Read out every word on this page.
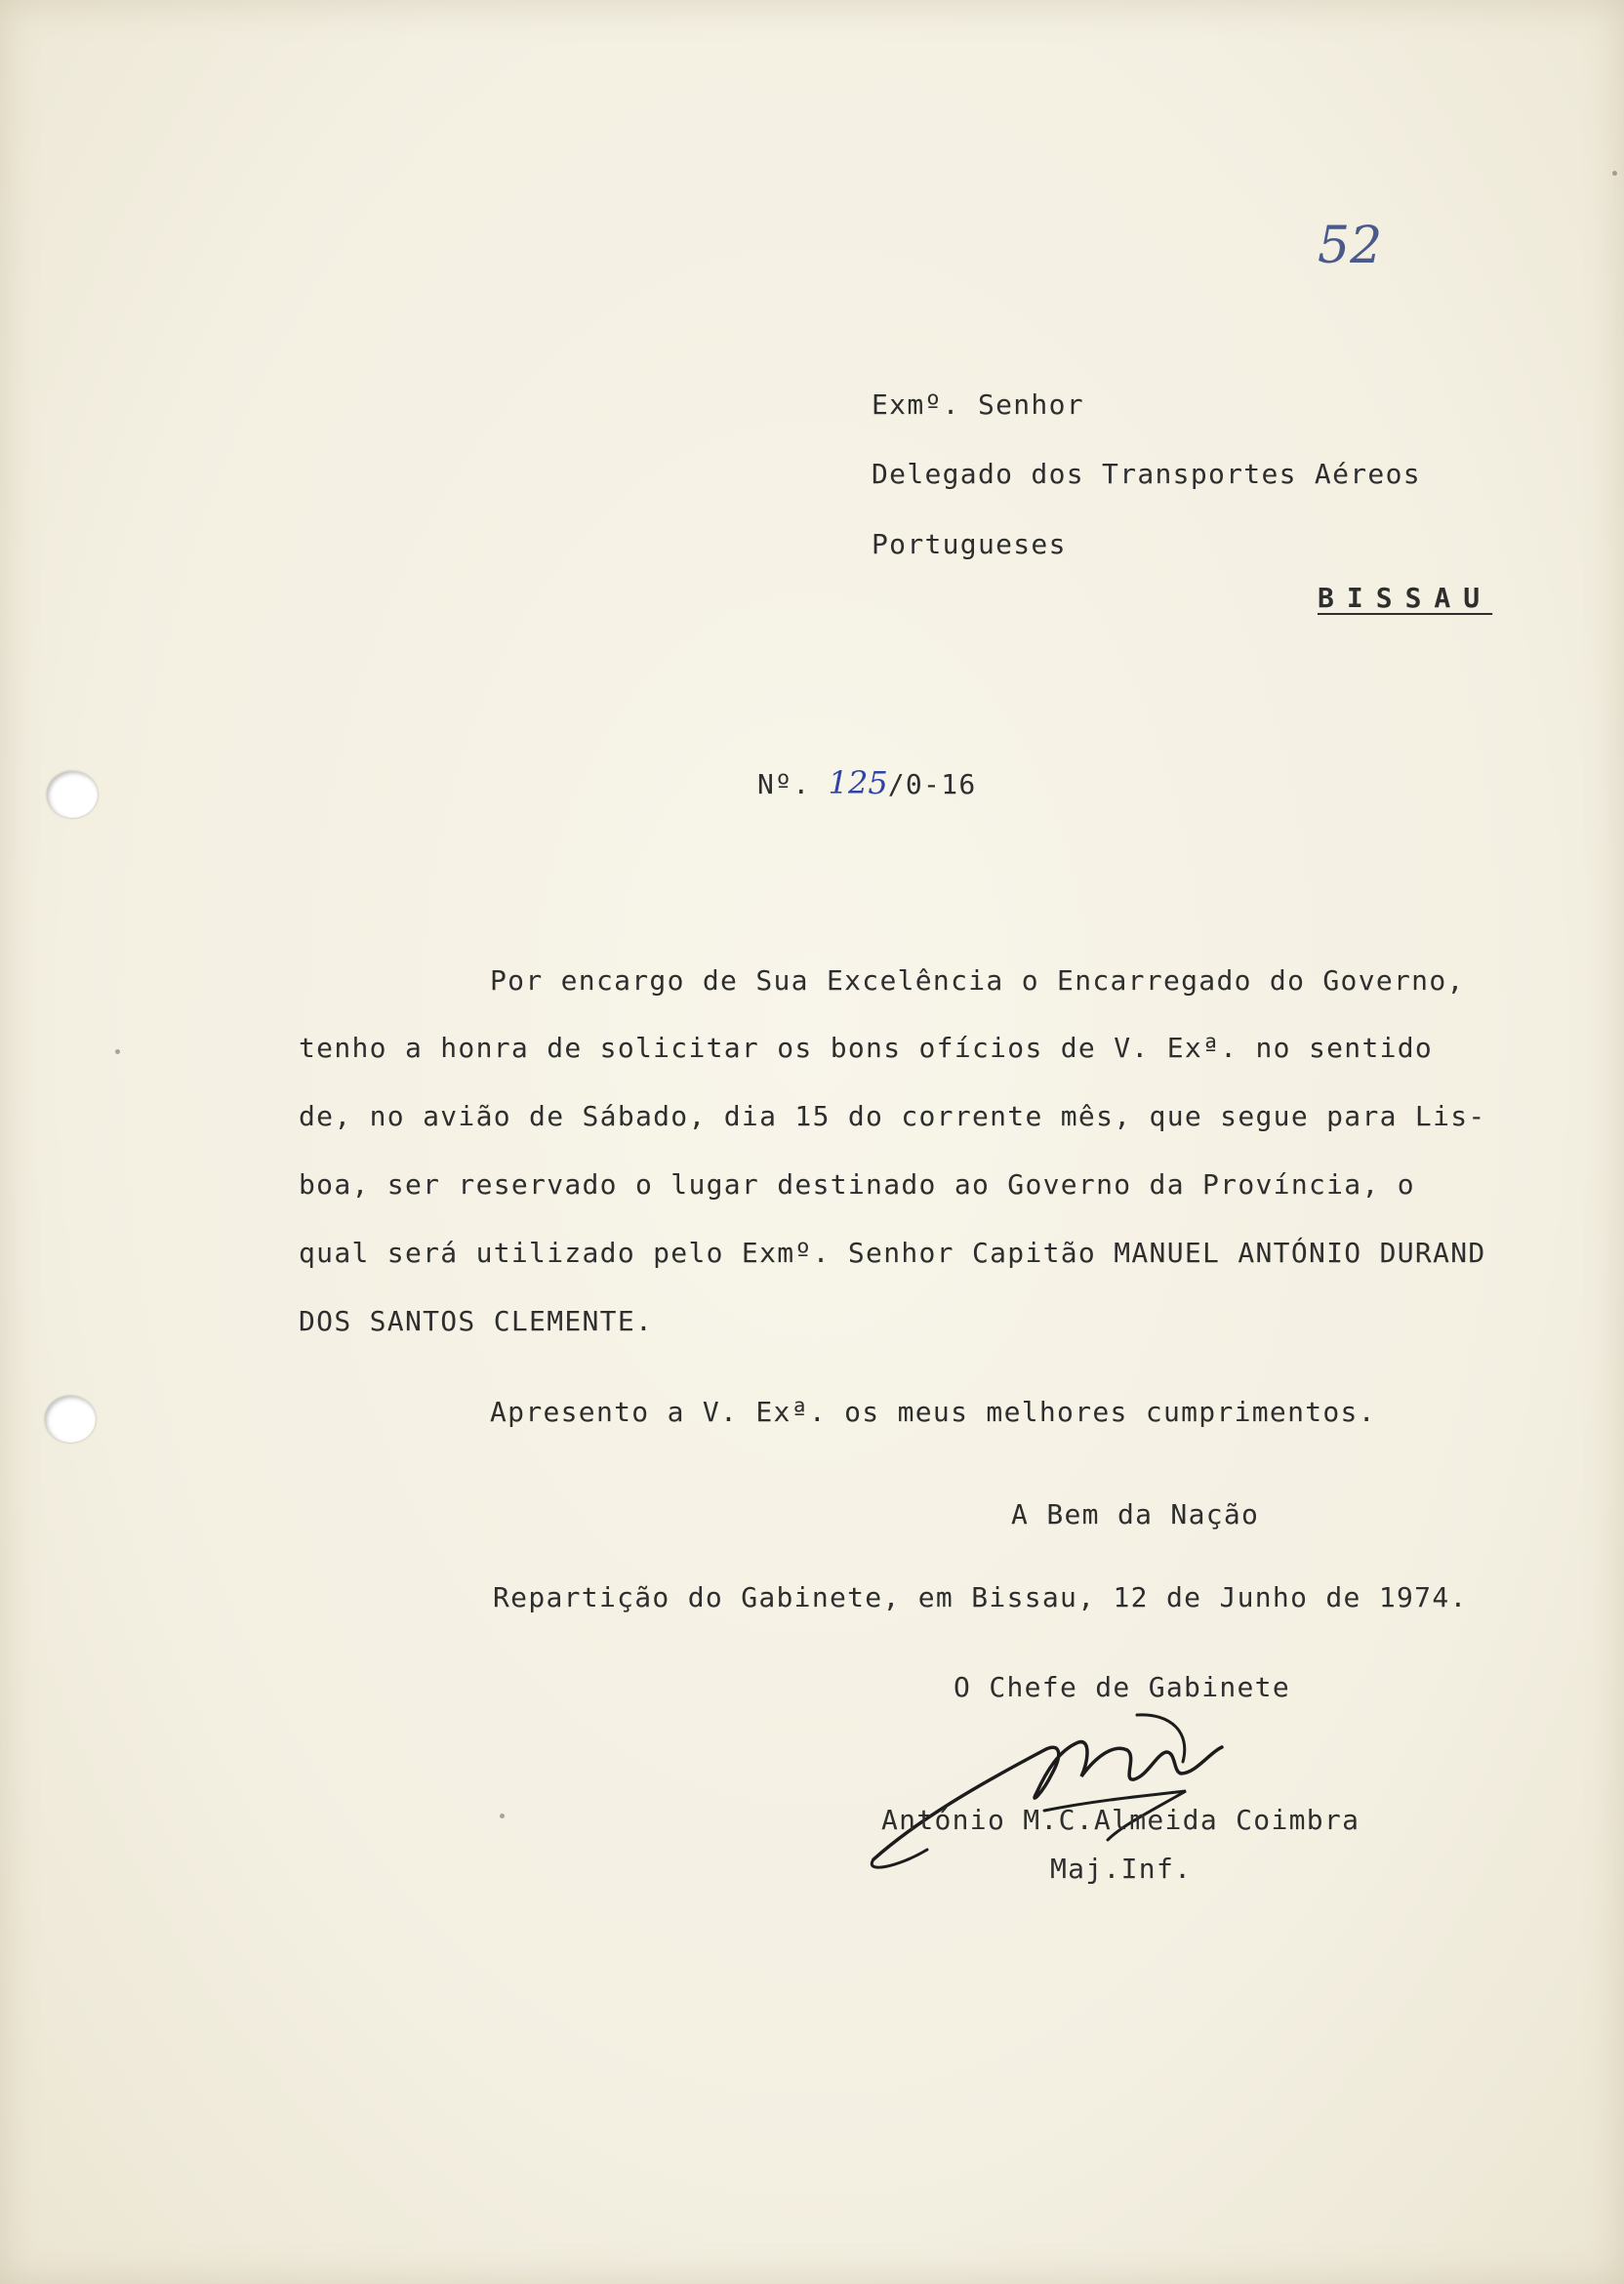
52
Exmº. Senhor
Delegado dos Transportes Aéreos
Portugueses
BISSAU
Nº. 125/0-16
Por encargo de Sua Excelência o Encarregado do Governo,
tenho a honra de solicitar os bons ofícios de V. Exª. no sentido
de, no avião de Sábado, dia 15 do corrente mês, que segue para Lis-
boa, ser reservado o lugar destinado ao Governo da Província, o
qual será utilizado pelo Exmº. Senhor Capitão MANUEL ANTÓNIO DURAND
DOS SANTOS CLEMENTE.
Apresento a V. Exª. os meus melhores cumprimentos.
A Bem da Nação
Repartição do Gabinete, em Bissau, 12 de Junho de 1974.
O Chefe de Gabinete
António M.C.Almeida Coimbra
Maj.Inf.
